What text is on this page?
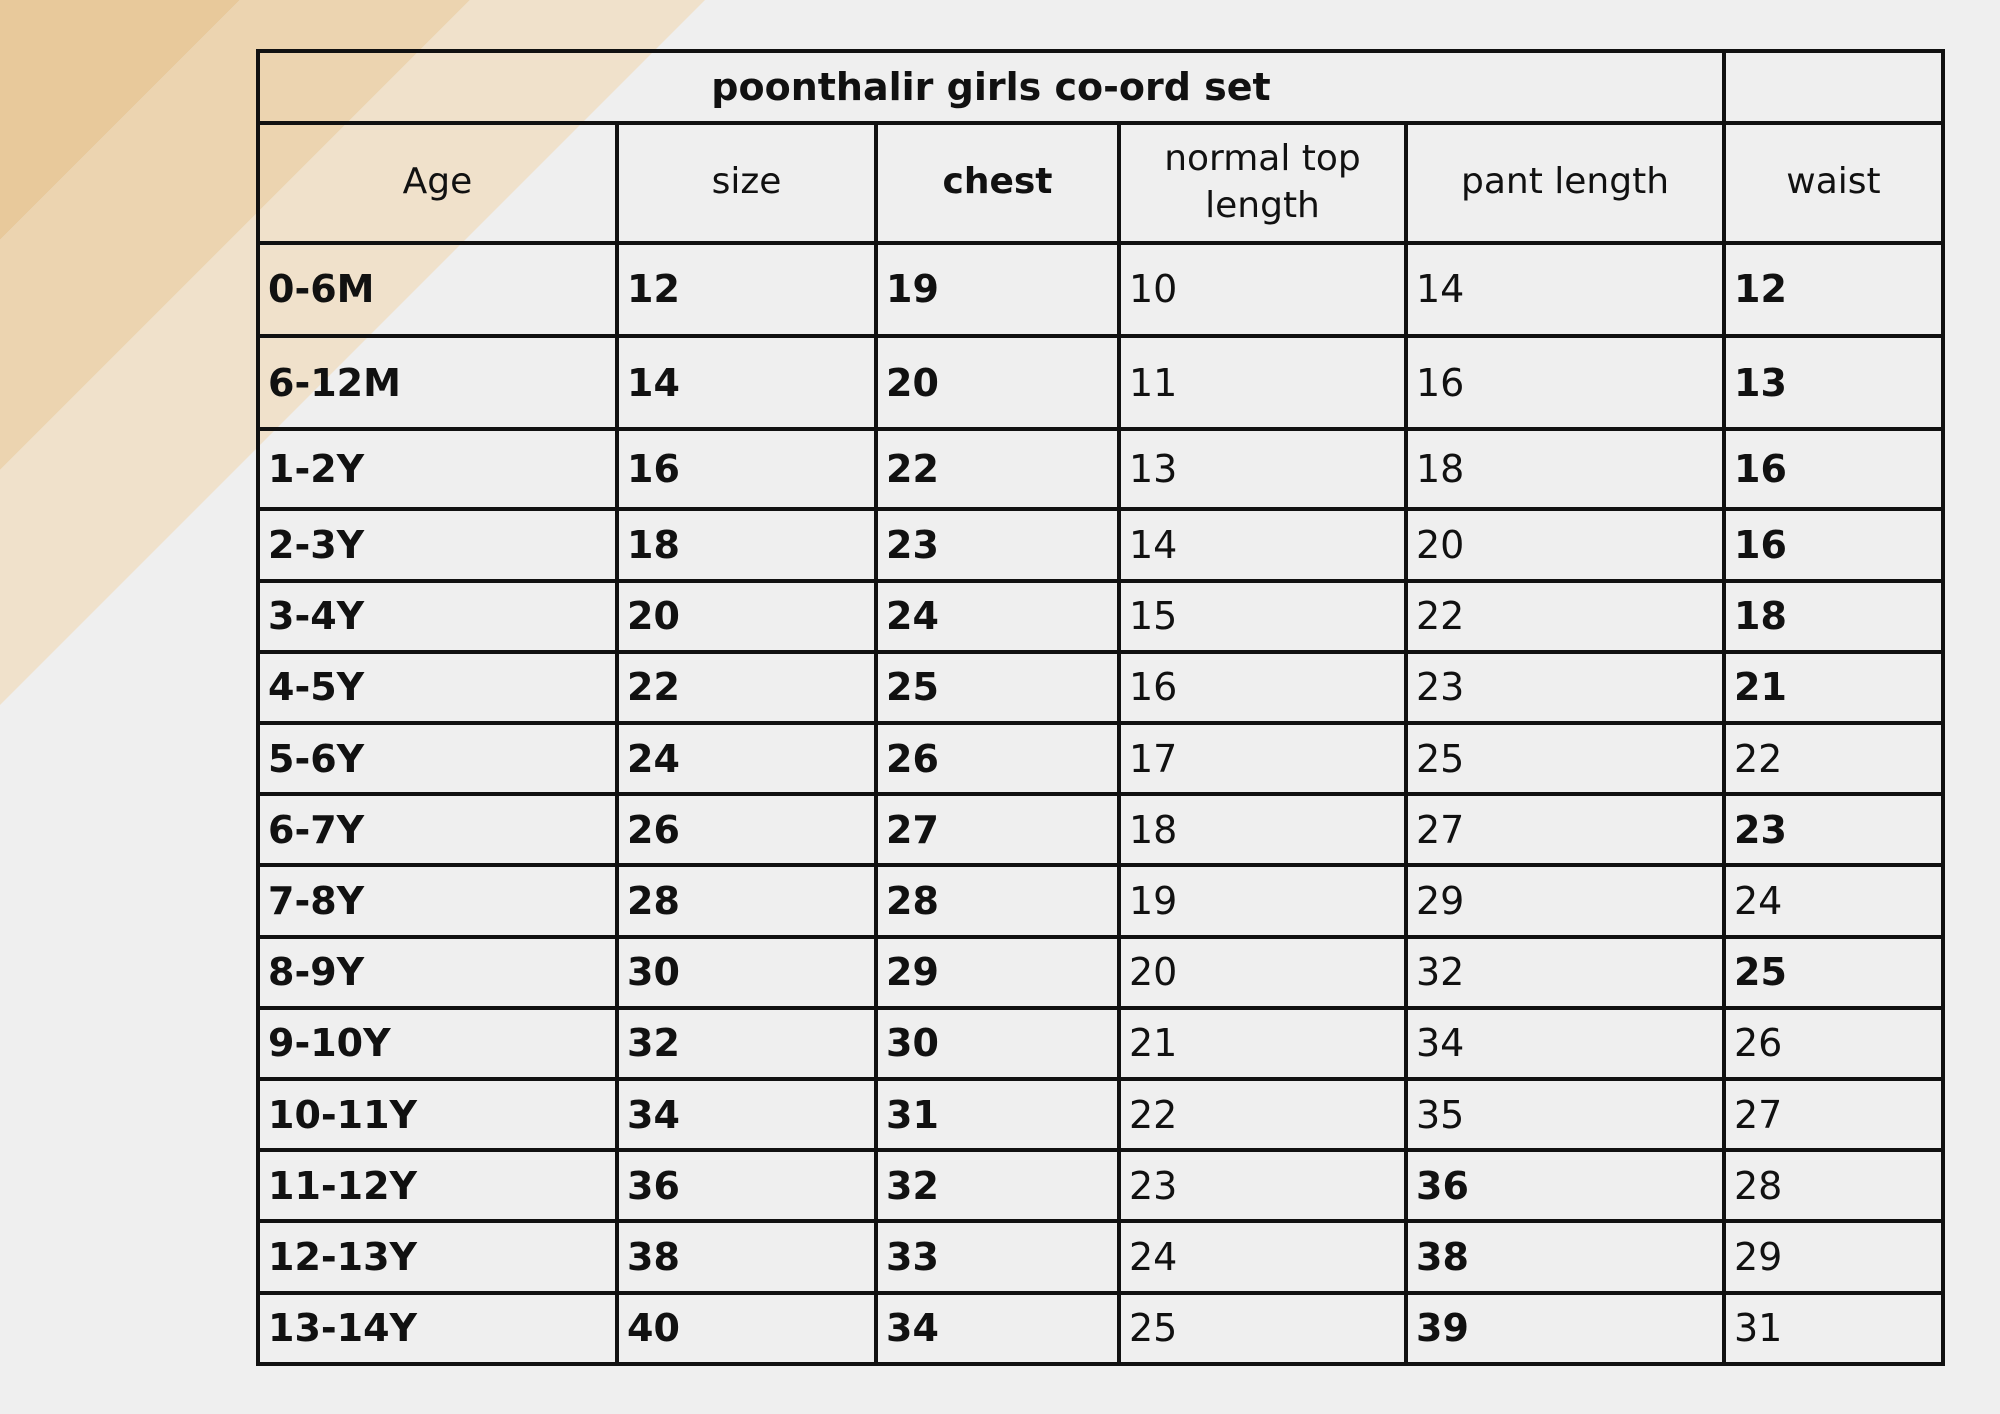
poonthalir girls co-ord set					
Age	size	chest	normal top length	pant length	waist
0-6M	12	19	10	14	12
6-12M	14	20	11	16	13
1-2Y	16	22	13	18	16
2-3Y	18	23	14	20	16
3-4Y	20	24	15	22	18
4-5Y	22	25	16	23	21
5-6Y	24	26	17	25	22
6-7Y	26	27	18	27	23
7-8Y	28	28	19	29	24
8-9Y	30	29	20	32	25
9-10Y	32	30	21	34	26
10-11Y	34	31	22	35	27
11-12Y	36	32	23	36	28
12-13Y	38	33	24	38	29
13-14Y	40	34	25	39	31
